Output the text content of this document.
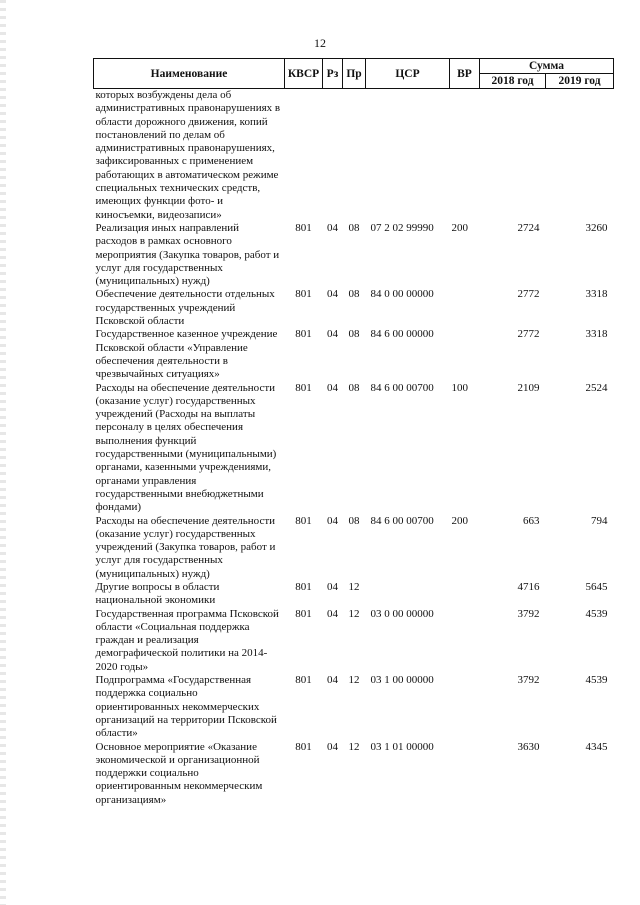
12
Наименование	КВСР	Рз	Пр	ЦСР	ВР	Сумма	
						2018 год	2019 год
которых возбуждены дела об административных правонарушениях в области дорожного движения, копий постановлений по делам об административных правонарушениях, зафиксированных с применением работающих в автоматическом режиме специальных технических средств, имеющих функции фото- и киносъемки, видеозаписи»							
Реализация иных направлений расходов в рамках основного мероприятия (Закупка товаров, работ и услуг для государственных (муниципальных) нужд)	801	04	08	07 2 02 99990	200	2724	3260
Обеспечение деятельности отдельных государственных учреждений Псковской области	801	04	08	84 0 00 00000		2772	3318
Государственное казенное учреждение Псковской области «Управление обеспечения деятельности в чрезвычайных ситуациях»	801	04	08	84 6 00 00000		2772	3318
Расходы на обеспечение деятельности (оказание услуг) государственных учреждений (Расходы на выплаты персоналу в целях обеспечения выполнения функций государственными (муниципальными) органами, казенными учреждениями, органами управления государственными внебюджетными фондами)	801	04	08	84 6 00 00700	100	2109	2524
Расходы на обеспечение деятельности (оказание услуг) государственных учреждений (Закупка товаров, работ и услуг для государственных (муниципальных) нужд)	801	04	08	84 6 00 00700	200	663	794
Другие вопросы в области национальной экономики	801	04	12			4716	5645
Государственная программа Псковской области «Социальная поддержка граждан и реализация демографической политики на 2014-2020 годы»	801	04	12	03 0 00 00000		3792	4539
Подпрограмма «Государственная поддержка социально ориентированных некоммерческих организаций на территории Псковской области»	801	04	12	03 1 00 00000		3792	4539
Основное мероприятие «Оказание экономической и организационной поддержки социально ориентированным некоммерческим организациям»	801	04	12	03 1 01 00000		3630	4345
